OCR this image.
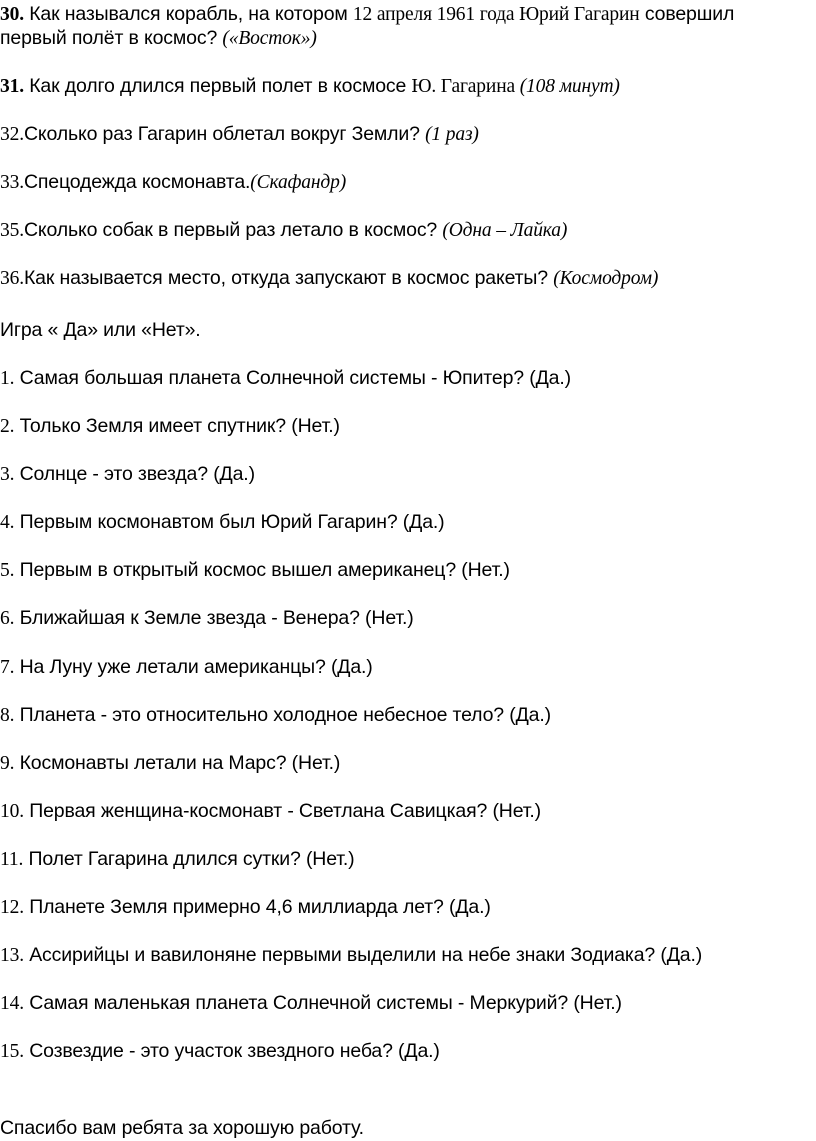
30. Как назывался корабль, на котором 12 апреля 1961 года Юрий Гагарин совершил
первый полёт в космос? («Восток»)
31. Как долго длился первый полет в космосе Ю. Гагарина (108 минут)
32.Сколько раз Гагарин облетал вокруг Земли? (1 раз)
33.Спецодежда космонавта.(Скафандр)
35.Сколько собак в первый раз летало в космос? (Одна – Лайка)
36.Как называется место, откуда запускают в космос ракеты? (Космодром)
Игра « Да» или «Нет».
1. Самая большая планета Солнечной системы - Юпитер? (Да.)
2. Только Земля имеет спутник? (Нет.)
3. Солнце - это звезда? (Да.)
4. Первым космонавтом был Юрий Гагарин? (Да.)
5. Первым в открытый космос вышел американец? (Нет.)
6. Ближайшая к Земле звезда - Венера? (Нет.)
7. На Луну уже летали американцы? (Да.)
8. Планета - это относительно холодное небесное тело? (Да.)
9. Космонавты летали на Марс? (Нет.)
10. Первая женщина-космонавт - Светлана Савицкая? (Нет.)
11. Полет Гагарина длился сутки? (Нет.)
12. Планете Земля примерно 4,6 миллиарда лет? (Да.)
13. Ассирийцы и вавилоняне первыми выделили на небе знаки Зодиака? (Да.)
14. Самая маленькая планета Солнечной системы - Меркурий? (Нет.)
15. Созвездие - это участок звездного неба? (Да.)
Спасибо вам ребята за хорошую работу.
